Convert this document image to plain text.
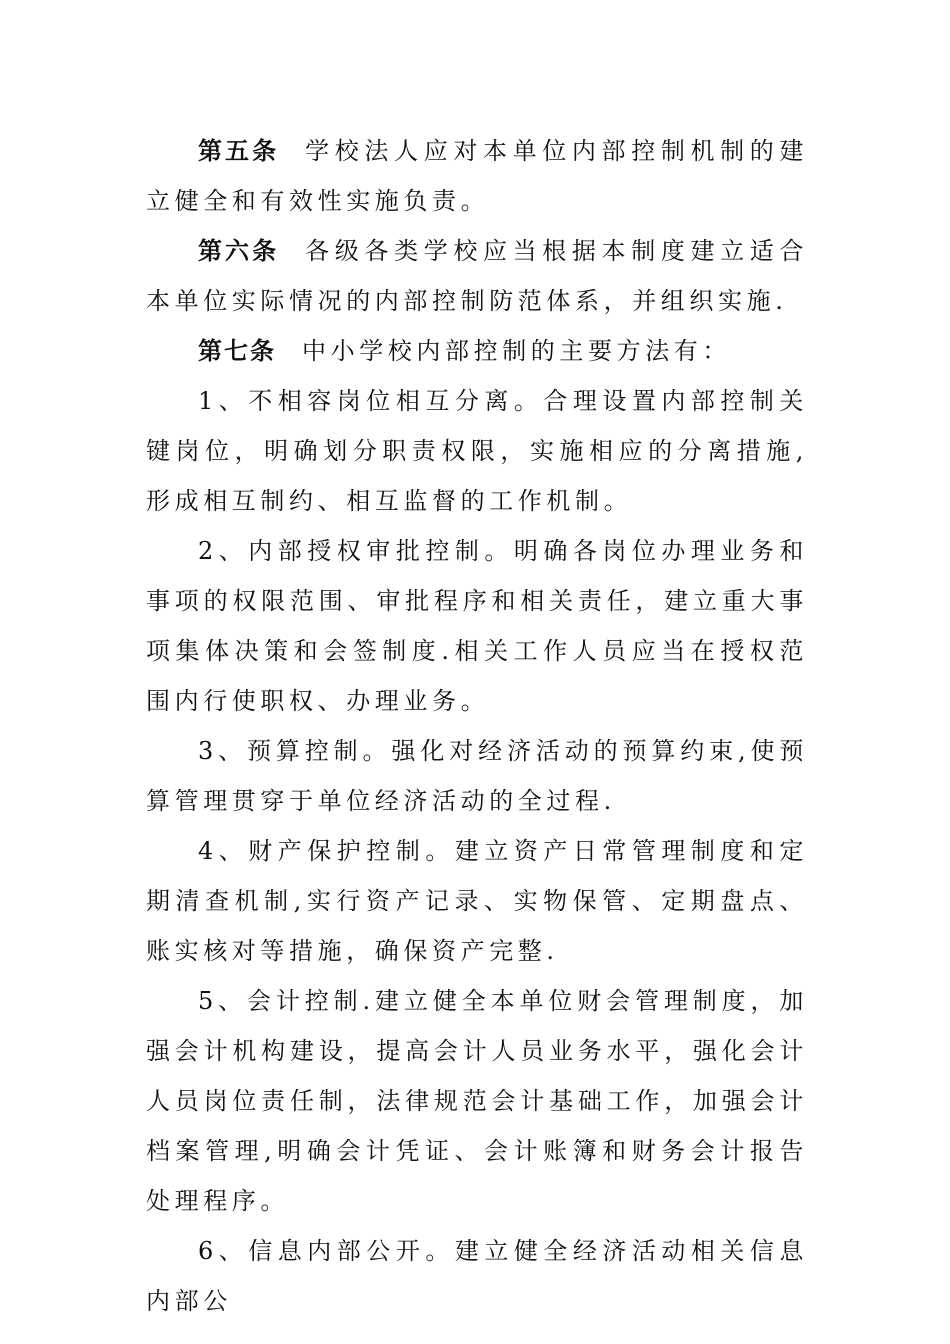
第五条 学校法人应对本单位内部控制机制的建立健全和有效性实施负责。

第六条 各级各类学校应当根据本制度建立适合本单位实际情况的内部控制防范体系，并组织实施.

第七条 中小学校内部控制的主要方法有：

1、不相容岗位相互分离。合理设置内部控制关键岗位，明确划分职责权限，实施相应的分离措施,形成相互制约、相互监督的工作机制。

2、内部授权审批控制。明确各岗位办理业务和事项的权限范围、审批程序和相关责任，建立重大事项集体决策和会签制度.相关工作人员应当在授权范围内行使职权、办理业务。

3、预算控制。强化对经济活动的预算约束,使预算管理贯穿于单位经济活动的全过程.

4、财产保护控制。建立资产日常管理制度和定期清查机制,实行资产记录、实物保管、定期盘点、账实核对等措施，确保资产完整.

5、会计控制.建立健全本单位财会管理制度，加强会计机构建设，提高会计人员业务水平，强化会计人员岗位责任制，法律规范会计基础工作，加强会计档案管理,明确会计凭证、会计账簿和财务会计报告处理程序。

6、信息内部公开。建立健全经济活动相关信息内部公
